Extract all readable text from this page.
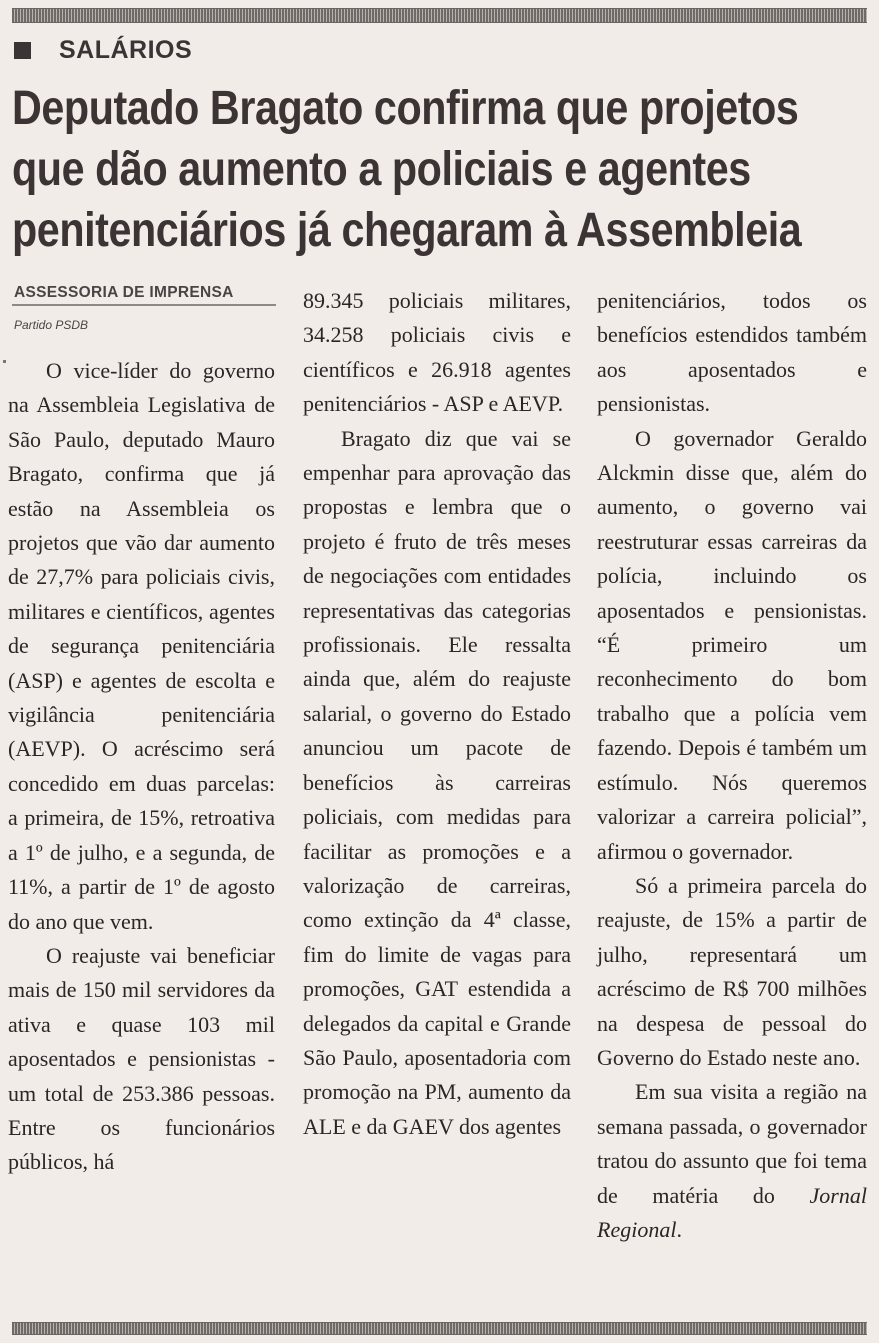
SALÁRIOS
Deputado Bragato confirma que projetos
que dão aumento a policiais e agentes
penitenciários já chegaram à Assembleia
ASSESSORIA DE IMPRENSA
Partido PSDB

O vice-líder do governo na Assembleia Legislativa de São Paulo, deputado Mauro Bragato, confirma que já estão na Assembleia os projetos que vão dar aumento de 27,7% para policiais civis, militares e científicos, agentes de segurança penitenciária (ASP) e agentes de escolta e vigilância penitenciária (AEVP). O acréscimo será concedido em duas parcelas: a primeira, de 15%, retroativa a 1º de julho, e a segunda, de 11%, a partir de 1º de agosto do ano que vem.

O reajuste vai beneficiar mais de 150 mil servidores da ativa e quase 103 mil aposentados e pensionistas - um total de 253.386 pessoas. Entre os funcionários públicos, há

89.345 policiais militares, 34.258 policiais civis e científicos e 26.918 agentes penitenciários - ASP e AEVP.

Bragato diz que vai se empenhar para aprovação das propostas e lembra que o projeto é fruto de três meses de negociações com entidades representativas das categorias profissionais. Ele ressalta ainda que, além do reajuste salarial, o governo do Estado anunciou um pacote de benefícios às carreiras policiais, com medidas para facilitar as promoções e a valorização de carreiras, como extinção da 4ª classe, fim do limite de vagas para promoções, GAT estendida a delegados da capital e Grande São Paulo, aposentadoria com promoção na PM, aumento da ALE e da GAEV dos agentes

penitenciários, todos os benefícios estendidos também aos aposentados e pensionistas.

O governador Geraldo Alckmin disse que, além do aumento, o governo vai reestruturar essas carreiras da polícia, incluindo os aposentados e pensionistas. “É primeiro um reconhecimento do bom trabalho que a polícia vem fazendo. Depois é também um estímulo. Nós queremos valorizar a carreira policial”, afirmou o governador.

Só a primeira parcela do reajuste, de 15% a partir de julho, representará um acréscimo de R$ 700 milhões na despesa de pessoal do Governo do Estado neste ano.

Em sua visita a região na semana passada, o governador tratou do assunto que foi tema de matéria do Jornal Regional.
